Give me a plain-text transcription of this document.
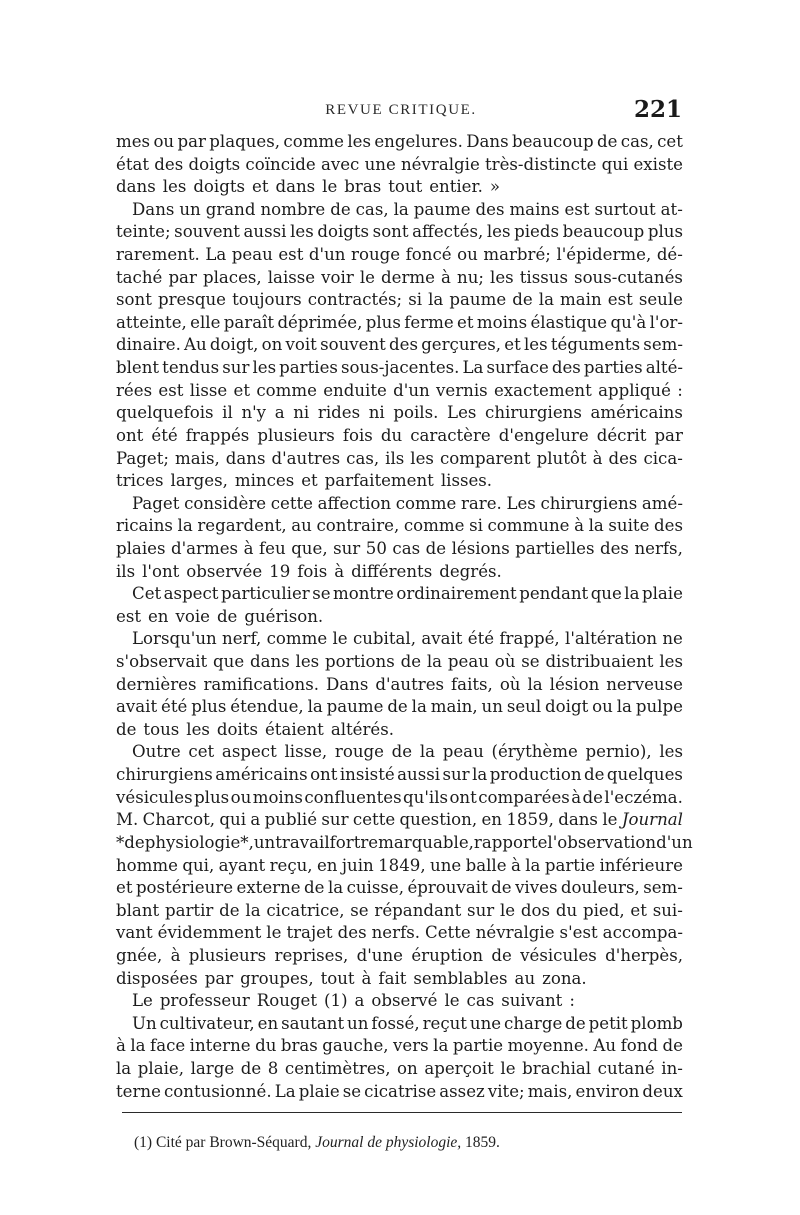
REVUE CRITIQUE.	221
mes ou par plaques, comme les engelures. Dans beaucoup de cas, cet
état des doigts coïncide avec une névralgie très-distincte qui existe
dans les doigts et dans le bras tout entier. »
Dans un grand nombre de cas, la paume des mains est surtout at-
teinte; souvent aussi les doigts sont affectés, les pieds beaucoup plus
rarement. La peau est d'un rouge foncé ou marbré; l'épiderme, dé-
taché par places, laisse voir le derme à nu; les tissus sous-cutanés
sont presque toujours contractés; si la paume de la main est seule
atteinte, elle paraît déprimée, plus ferme et moins élastique qu'à l'or-
dinaire. Au doigt, on voit souvent des gerçures, et les téguments sem-
blent tendus sur les parties sous-jacentes. La surface des parties alté-
rées est lisse et comme enduite d'un vernis exactement appliqué :
quelquefois il n'y a ni rides ni poils. Les chirurgiens américains
ont été frappés plusieurs fois du caractère d'engelure décrit par
Paget; mais, dans d'autres cas, ils les comparent plutôt à des cica-
trices larges, minces et parfaitement lisses.
Paget considère cette affection comme rare. Les chirurgiens amé-
ricains la regardent, au contraire, comme si commune à la suite des
plaies d'armes à feu que, sur 50 cas de lésions partielles des nerfs,
ils l'ont observée 19 fois à différents degrés.
Cet aspect particulier se montre ordinairement pendant que la plaie
est en voie de guérison.
Lorsqu'un nerf, comme le cubital, avait été frappé, l'altération ne
s'observait que dans les portions de la peau où se distribuaient les
dernières ramifications. Dans d'autres faits, où la lésion nerveuse
avait été plus étendue, la paume de la main, un seul doigt ou la pulpe
de tous les doits étaient altérés.
Outre cet aspect lisse, rouge de la peau (érythème pernio), les
chirurgiens américains ont insisté aussi sur la production de quelques
vésicules plus ou moins confluentes qu'ils ont comparées à de l'eczéma.
M. Charcot, qui a publié sur cette question, en 1859, dans le Journal
*de physiologie*, un travail fort remarquable, rapporte l'observation d'un
homme qui, ayant reçu, en juin 1849, une balle à la partie inférieure
et postérieure externe de la cuisse, éprouvait de vives douleurs, sem-
blant partir de la cicatrice, se répandant sur le dos du pied, et sui-
vant évidemment le trajet des nerfs. Cette névralgie s'est accompa-
gnée, à plusieurs reprises, d'une éruption de vésicules d'herpès,
disposées par groupes, tout à fait semblables au zona.
Le professeur Rouget (1) a observé le cas suivant :
Un cultivateur, en sautant un fossé, reçut une charge de petit plomb
à la face interne du bras gauche, vers la partie moyenne. Au fond de
la plaie, large de 8 centimètres, on aperçoit le brachial cutané in-
terne contusionné. La plaie se cicatrise assez vite; mais, environ deux
(1) Cité par Brown-Séquard, Journal de physiologie, 1859.
